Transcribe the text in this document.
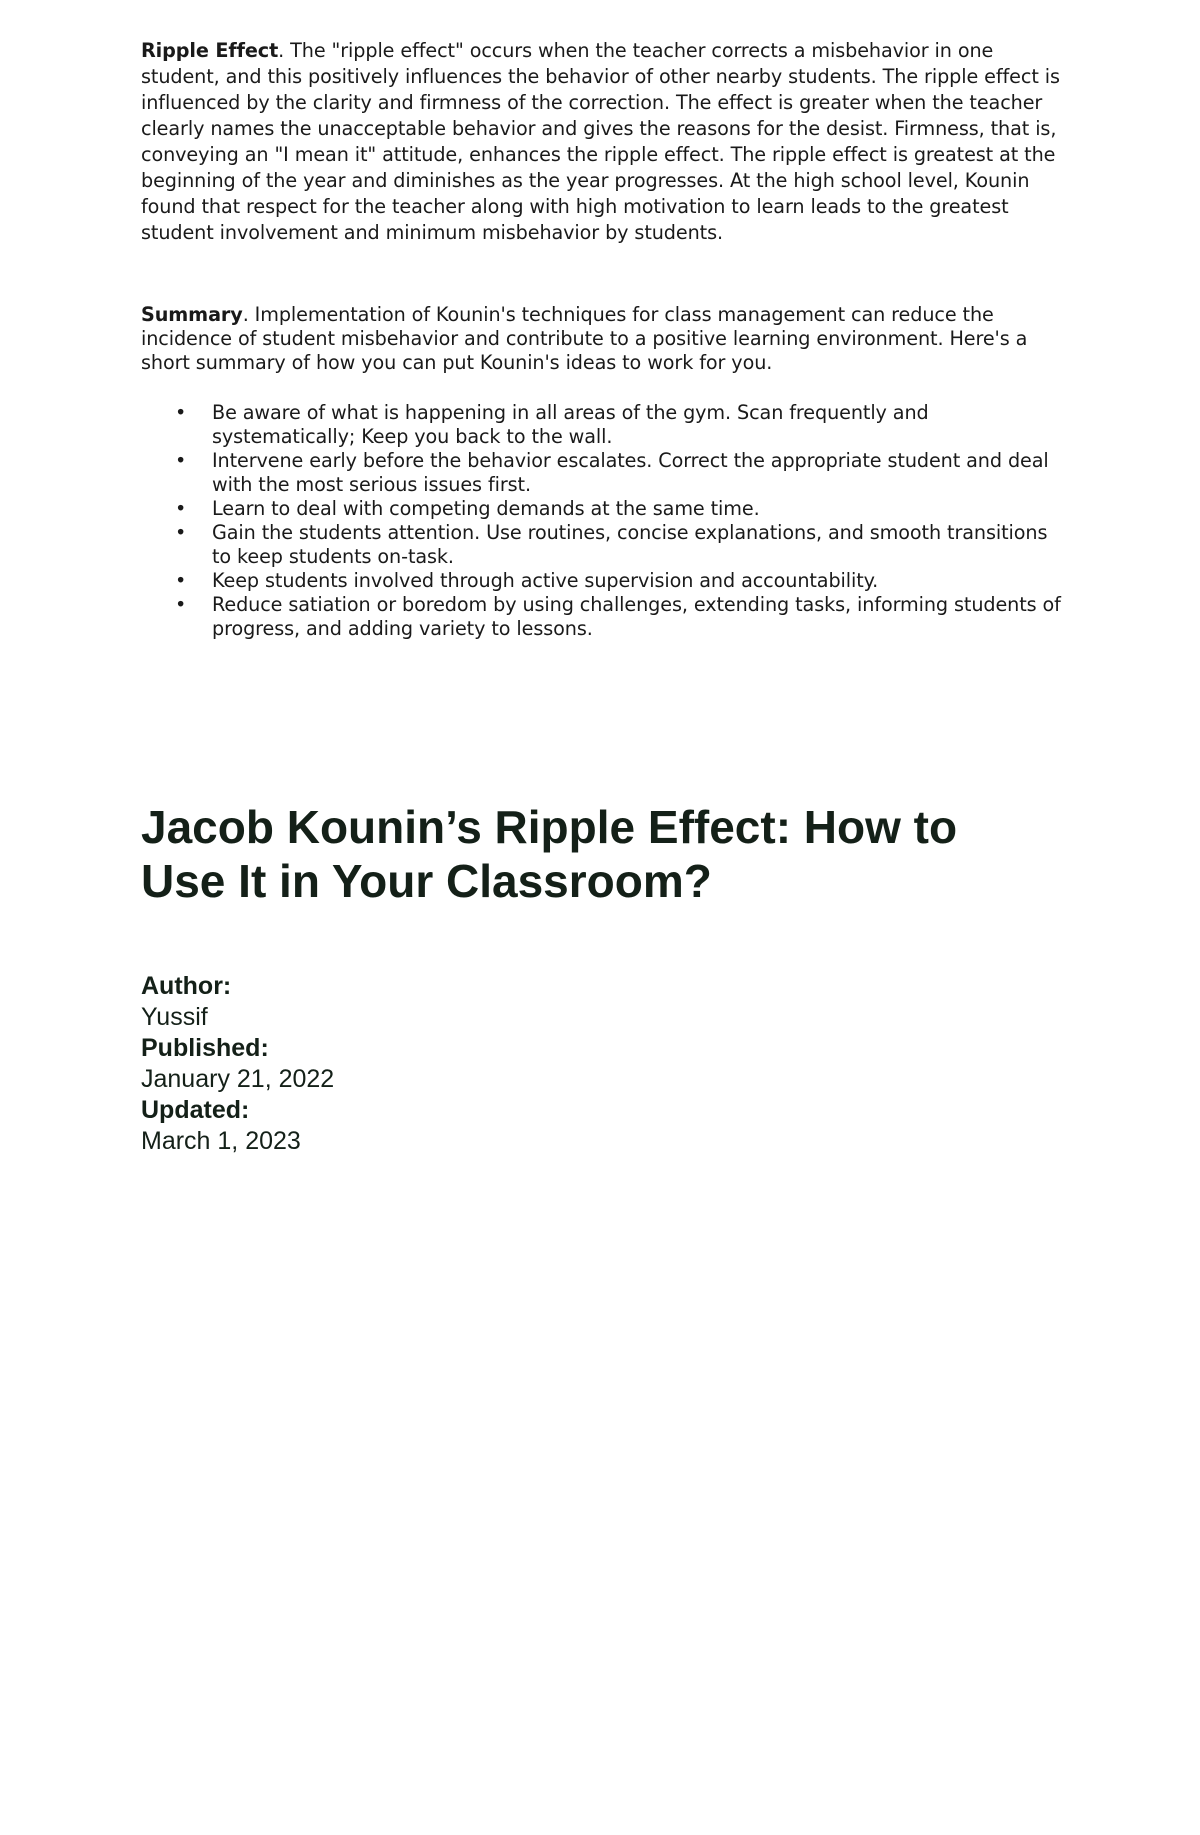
Ripple Effect. The "ripple effect" occurs when the teacher corrects a misbehavior in one student, and this positively influences the behavior of other nearby students. The ripple effect is influenced by the clarity and firmness of the correction. The effect is greater when the teacher clearly names the unacceptable behavior and gives the reasons for the desist. Firmness, that is, conveying an "I mean it" attitude, enhances the ripple effect. The ripple effect is greatest at the beginning of the year and diminishes as the year progresses. At the high school level, Kounin found that respect for the teacher along with high motivation to learn leads to the greatest student involvement and minimum misbehavior by students.

Summary. Implementation of Kounin's techniques for class management can reduce the incidence of student misbehavior and contribute to a positive learning environment. Here's a short summary of how you can put Kounin's ideas to work for you.

• Be aware of what is happening in all areas of the gym. Scan frequently and systematically; Keep you back to the wall.
• Intervene early before the behavior escalates. Correct the appropriate student and deal with the most serious issues first.
• Learn to deal with competing demands at the same time.
• Gain the students attention. Use routines, concise explanations, and smooth transitions to keep students on-task.
• Keep students involved through active supervision and accountability.
• Reduce satiation or boredom by using challenges, extending tasks, informing students of progress, and adding variety to lessons.
Jacob Kounin’s Ripple Effect: How to Use It in Your Classroom?
Author:
Yussif
Published:
January 21, 2022
Updated:
March 1, 2023
